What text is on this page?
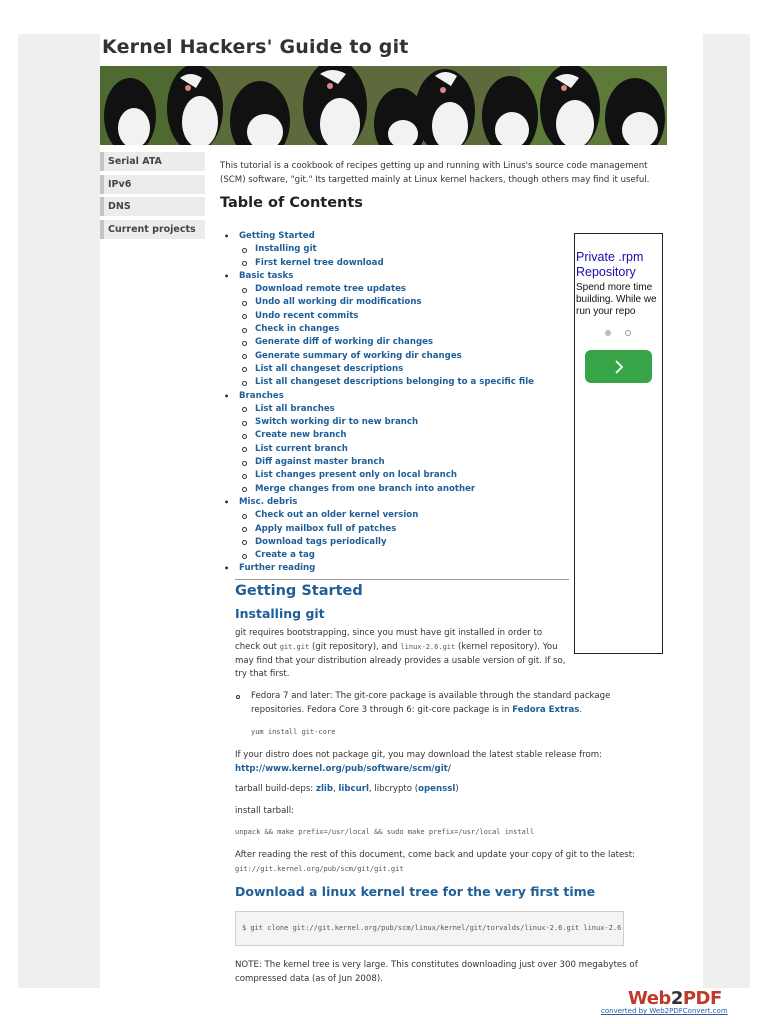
Kernel Hackers' Guide to git
Serial ATA
IPv6
DNS
Current projects

This tutorial is a cookbook of recipes getting up and running with Linus's source code management (SCM) software, "git." Its targetted mainly at Linux kernel hackers, though others may find it useful.

Table of Contents
• Getting Started
Installing git
First kernel tree download
• Basic tasks
Download remote tree updates
Undo all working dir modifications
Undo recent commits
Check in changes
Generate diff of working dir changes
Generate summary of working dir changes
List all changeset descriptions
List all changeset descriptions belonging to a specific file
• Branches
List all branches
Switch working dir to new branch
Create new branch
List current branch
Diff against master branch
List changes present only on local branch
Merge changes from one branch into another
• Misc. debris
Check out an older kernel version
Apply mailbox full of patches
Download tags periodically
Create a tag
• Further reading
Private .rpm Repository
Spend more time building. While we run your repo
Getting Started
Installing git

git requires bootstrapping, since you must have git installed in order to check out git.git (git repository), and linux-2.6.git (kernel repository). You may find that your distribution already provides a usable version of git. If so, try that first.

Fedora 7 and later: The git-core package is available through the standard package repositories. Fedora Core 3 through 6: git-core package is in Fedora Extras.

yum install git-core

If your distro does not package git, you may download the latest stable release from:
http://www.kernel.org/pub/software/scm/git/

tarball build-deps: zlib, libcurl, libcrypto (openssl)

install tarball:

unpack && make prefix=/usr/local && sudo make prefix=/usr/local install

After reading the rest of this document, come back and update your copy of git to the latest: git://git.kernel.org/pub/scm/git/git.git

Download a linux kernel tree for the very first time
$ git clone git://git.kernel.org/pub/scm/linux/kernel/git/torvalds/linux-2.6.git linux-2.6

NOTE: The kernel tree is very large. This constitutes downloading just over 300 megabytes of compressed data (as of Jun 2008).

Web2PDF
converted by Web2PDFConvert.com
